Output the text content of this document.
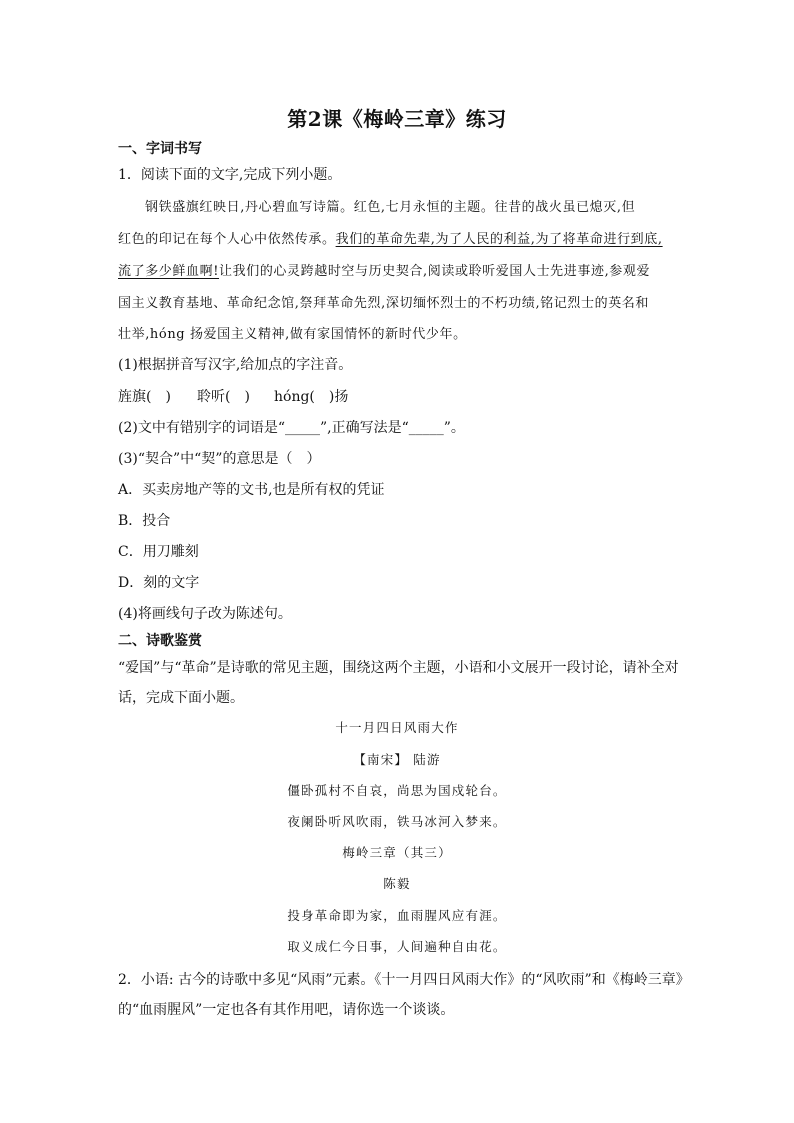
第2课《梅岭三章》练习
一、字词书写
1．阅读下面的文字,完成下列小题。
钢铁盛旗红映日,丹心碧血写诗篇。红色,七月永恒的主题。往昔的战火虽已熄灭,但
红色的印记在每个人心中依然传承。我们的革命先辈,为了人民的利益,为了将革命进行到底,
流了多少鲜血啊!让我们的心灵跨越时空与历史契合,阅读或聆听爱国人士先进事迹,参观爱
国主义教育基地、革命纪念馆,祭拜革命先烈,深切缅怀烈士的不朽功绩,铭记烈士的英名和
壮举,hóng 扬爱国主义精神,做有家国情怀的新时代少年。
(1)根据拼音写汉字,给加点的字注音。
旌旗(　) 聆听(　) hóng(　)扬
(2)文中有错别字的词语是“_____”,正确写法是“_____”。
(3)“契合”中“契”的意思是（　）
A．买卖房地产等的文书,也是所有权的凭证
B．投合
C．用刀雕刻
D．刻的文字
(4)将画线句子改为陈述句。
二、诗歌鉴赏
“爱国”与“革命”是诗歌的常见主题，围绕这两个主题，小语和小文展开一段讨论，请补全对
话，完成下面小题。
十一月四日风雨大作
【南宋】 陆游
僵卧孤村不自哀，尚思为国戍轮台。
夜阑卧听风吹雨，铁马冰河入梦来。
梅岭三章（其三）
陈毅
投身革命即为家，血雨腥风应有涯。
取义成仁今日事，人间遍种自由花。
2．小语: 古今的诗歌中多见“风雨”元素。《十一月四日风雨大作》的“风吹雨”和《梅岭三章》
的“血雨腥风”一定也各有其作用吧，请你选一个谈谈。
